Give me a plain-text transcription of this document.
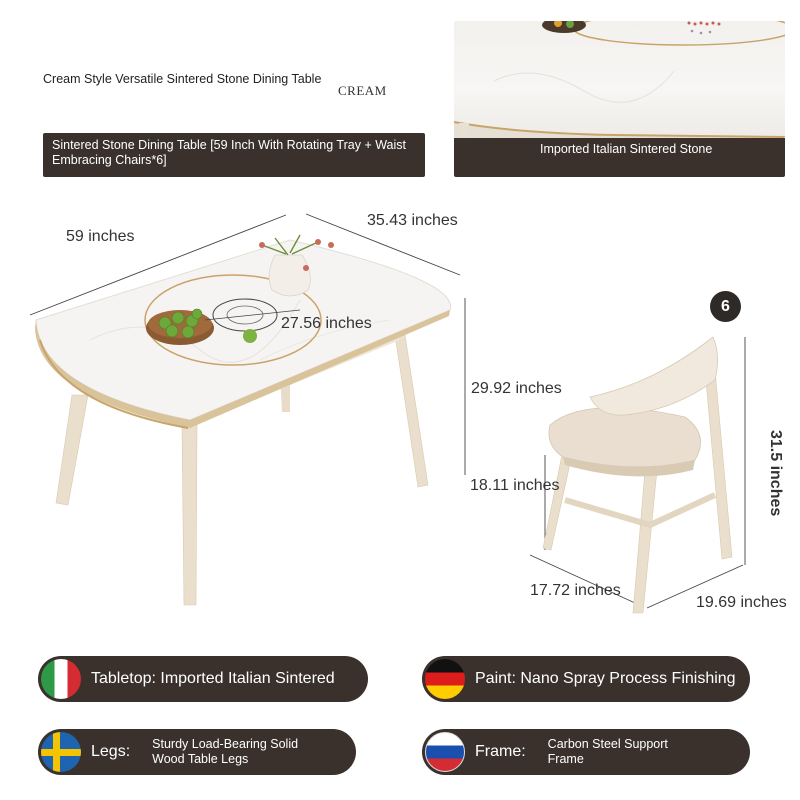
Cream Style Versatile Sintered Stone Dining Table
CREAM
Sintered Stone Dining Table [59 Inch With Rotating Tray + Waist Embracing Chairs*6]
Imported Italian Sintered Stone
59 inches
35.43 inches
27.56 inches
29.92 inches
6
18.11 inches	31.5 inches
17.72 inches
19.69 inches
Tabletop: Imported Italian Sintered	Paint: Nano Spray Process Finishing
Legs: Sturdy Load-Bearing Solid Wood Table Legs	Frame: Carbon Steel Support Frame
